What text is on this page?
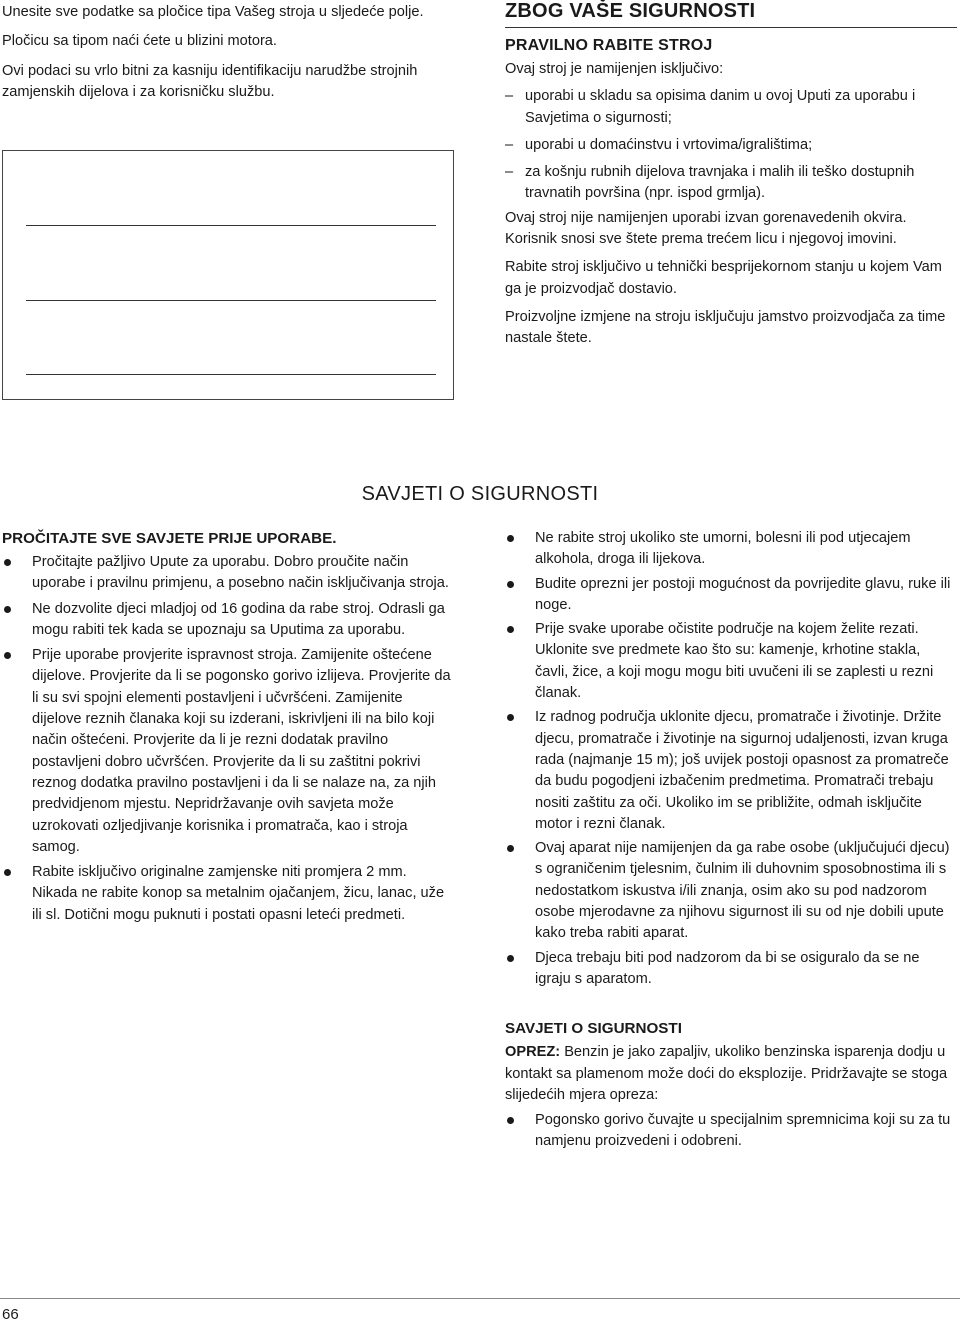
Unesite sve podatke sa pločice tipa Vašeg stroja u sljedeće polje.

Pločicu sa tipom naći ćete u blizini motora.

Ovi podaci su vrlo bitni za kasniju identifikaciju narudžbe strojnih zamjenskih dijelova i za korisničku službu.

ZBOG VAŠE SIGURNOSTI
PRAVILNO RABITE STROJ

Ovaj stroj je namijenjen isključivo:

– uporabi u skladu sa opisima danim u ovoj Uputi za uporabu i Savjetima o sigurnosti;

– uporabi u domaćinstvu i vrtovima/igralištima;

– za košnju rubnih dijelova travnjaka i malih ili teško dostupnih travnatih površina (npr. ispod grmlja).

Ovaj stroj nije namijenjen uporabi izvan gorenavedenih okvira. Korisnik snosi sve štete prema trećem licu i njegovoj imovini.

Rabite stroj isključivo u tehnički besprijekornom stanju u kojem Vam ga je proizvodjač dostavio.

Proizvoljne izmjene na stroju isključuju jamstvo proizvodjača za time nastale štete.

SAVJETI O SIGURNOSTI
PROČITAJTE SVE SAVJETE PRIJE UPORABE.

Pročitajte pažljivo Upute za uporabu. Dobro proučite način uporabe i pravilnu primjenu, a posebno način isključivanja stroja.

Ne dozvolite djeci mladjoj od 16 godina da rabe stroj. Odrasli ga mogu rabiti tek kada se upoznaju sa Uputima za uporabu.

Prije uporabe provjerite ispravnost stroja. Zamijenite oštećene dijelove. Provjerite da li se pogonsko gorivo izlijeva. Provjerite da li su svi spojni elementi postavljeni i učvršćeni. Zamijenite dijelove reznih članaka koji su izderani, iskrivljeni ili na bilo koji način oštećeni. Provjerite da li je rezni dodatak pravilno postavljeni dobro učvršćen. Provjerite da li su zaštitni pokrivi reznog dodatka pravilno postavljeni i da li se nalaze na, za njih predvidjenom mjestu. Nepridržavanje ovih savjeta može uzrokovati ozljedjivanje korisnika i promatrača, kao i stroja samog.

Rabite isključivo originalne zamjenske niti promjera 2 mm. Nikada ne rabite konop sa metalnim ojačanjem, žicu, lanac, uže ili sl. Dotični mogu puknuti i postati opasni leteći predmeti.

Ne rabite stroj ukoliko ste umorni, bolesni ili pod utjecajem alkohola, droga ili lijekova.

Budite oprezni jer postoji mogućnost da povrijedite glavu, ruke ili noge.

Prije svake uporabe očistite područje na kojem želite rezati. Uklonite sve predmete kao što su: kamenje, krhotine stakla, čavli, žice, a koji mogu mogu biti uvučeni ili se zaplesti u rezni članak.

Iz radnog područja uklonite djecu, promatrače i životinje. Držite djecu, promatrače i životinje na sigurnoj udaljenosti, izvan kruga rada (najmanje 15 m); još uvijek postoji opasnost za promatreče da budu pogodjeni izbačenim predmetima. Promatrači trebaju nositi zaštitu za oči. Ukoliko im se približite, odmah isključite motor i rezni članak.

Ovaj aparat nije namijenjen da ga rabe osobe (uključujući djecu) s ograničenim tjelesnim, čulnim ili duhovnim sposobnostima ili s nedostatkom iskustva i/ili znanja, osim ako su pod nadzorom osobe mjerodavne za njihovu sigurnost ili su od nje dobili upute kako treba rabiti aparat.

Djeca trebaju biti pod nadzorom da bi se osiguralo da se ne igraju s aparatom.

SAVJETI O SIGURNOSTI

OPREZ: Benzin je jako zapaljiv, ukoliko benzinska isparenja dodju u kontakt sa plamenom može doći do eksplozije. Pridržavajte se stoga slijedećih mjera opreza:

Pogonsko gorivo čuvajte u specijalnim spremnicima koji su za tu namjenu proizvedeni i odobreni.

66
